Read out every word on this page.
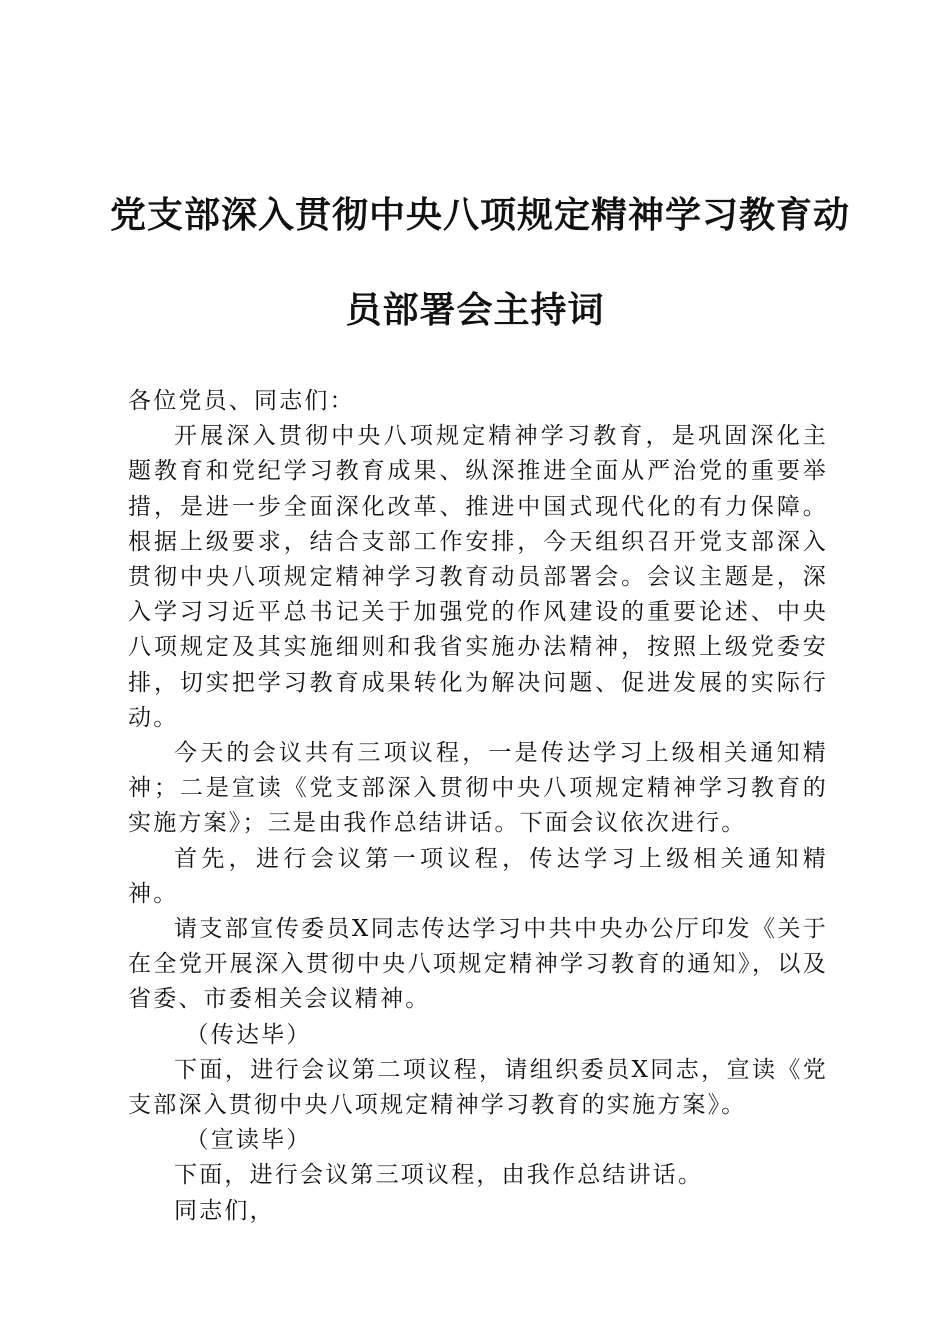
党支部深入贯彻中央八项规定精神学习教育动
员部署会主持词

各位党员、同志们：

开展深入贯彻中央八项规定精神学习教育，是巩固深化主题教育和党纪学习教育成果、纵深推进全面从严治党的重要举措，是进一步全面深化改革、推进中国式现代化的有力保障。根据上级要求，结合支部工作安排，今天组织召开党支部深入贯彻中央八项规定精神学习教育动员部署会。会议主题是，深入学习习近平总书记关于加强党的作风建设的重要论述、中央八项规定及其实施细则和我省实施办法精神，按照上级党委安排，切实把学习教育成果转化为解决问题、促进发展的实际行动。

今天的会议共有三项议程，一是传达学习上级相关通知精神；二是宣读《党支部深入贯彻中央八项规定精神学习教育的实施方案》；三是由我作总结讲话。下面会议依次进行。

首先，进行会议第一项议程，传达学习上级相关通知精神。

请支部宣传委员X同志传达学习中共中央办公厅印发《关于在全党开展深入贯彻中央八项规定精神学习教育的通知》，以及省委、市委相关会议精神。

（传达毕）

下面，进行会议第二项议程，请组织委员X同志，宣读《党支部深入贯彻中央八项规定精神学习教育的实施方案》。

（宣读毕）

下面，进行会议第三项议程，由我作总结讲话。

同志们，
